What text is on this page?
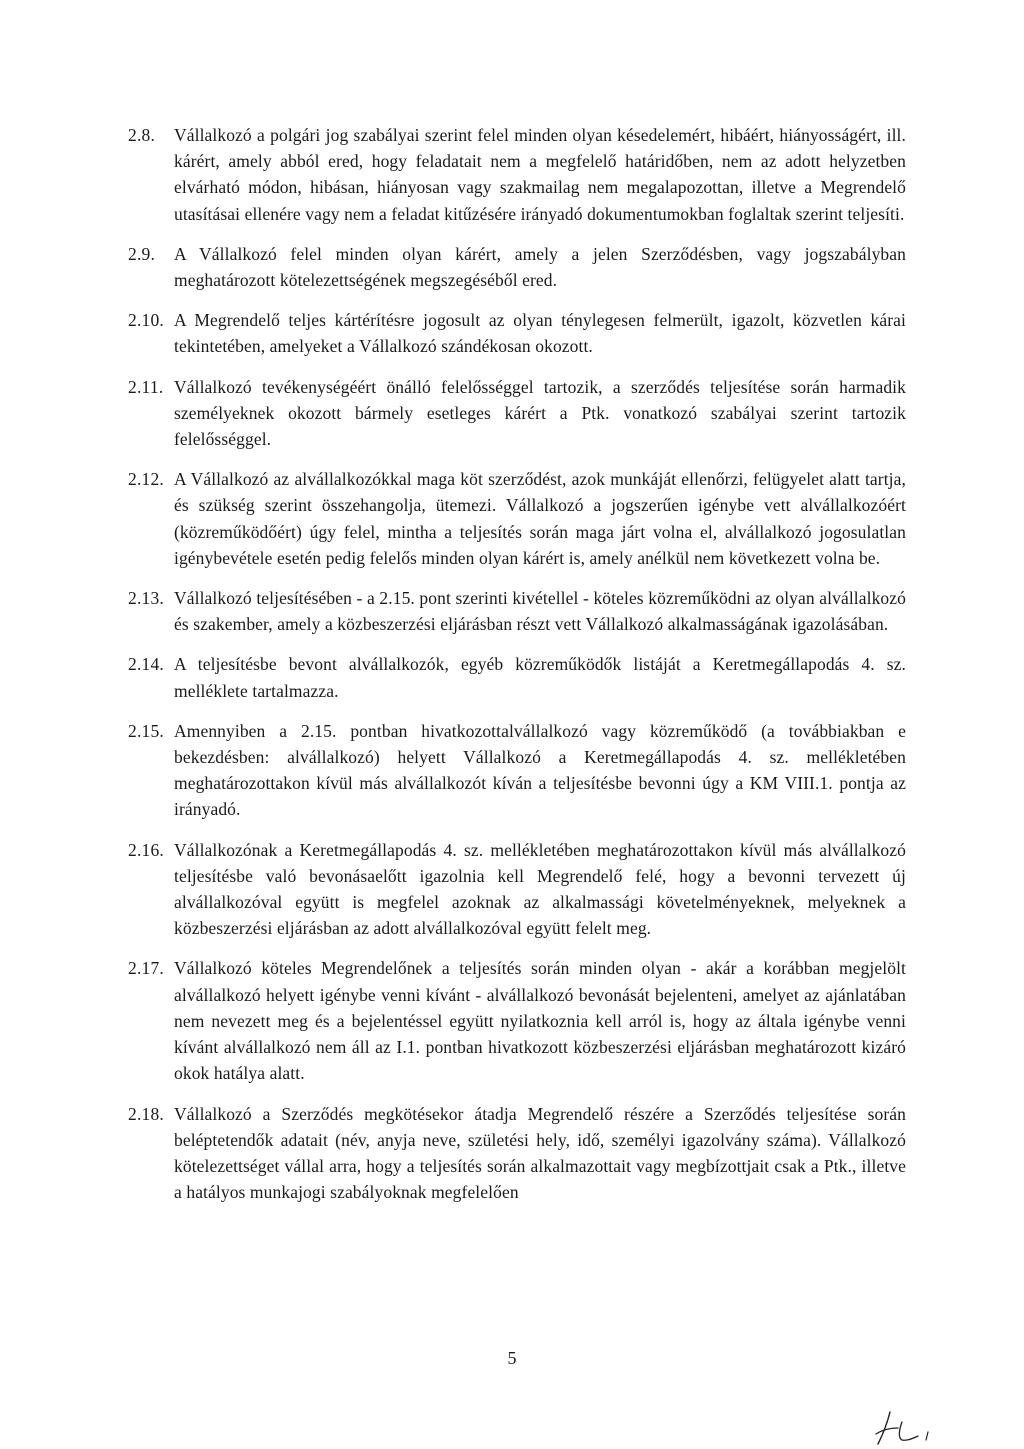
2.8.	Vállalkozó a polgári jog szabályai szerint felel minden olyan késedelemért, hibáért, hiányosságért, ill. kárért, amely abból ered, hogy feladatait nem a megfelelő határidőben, nem az adott helyzetben elvárható módon, hibásan, hiányosan vagy szakmailag nem megalapozottan, illetve a Megrendelő utasításai ellenére vagy nem a feladat kitűzésére irányadó dokumentumokban foglaltak szerint teljesíti.
2.9.	A Vállalkozó felel minden olyan kárért, amely a jelen Szerződésben, vagy jogszabályban meghatározott kötelezettségének megszegéséből ered.
2.10. A Megrendelő teljes kártérítésre jogosult az olyan ténylegesen felmerült, igazolt, közvetlen kárai tekintetében, amelyeket a Vállalkozó szándékosan okozott.
2.11. Vállalkozó tevékenységéért önálló felelősséggel tartozik, a szerződés teljesítése során harmadik személyeknek okozott bármely esetleges kárért a Ptk. vonatkozó szabályai szerint tartozik felelősséggel.
2.12. A Vállalkozó az alvállalkozókkal maga köt szerződést, azok munkáját ellenőrzi, felügyelet alatt tartja, és szükség szerint összehangolja, ütemezi. Vállalkozó a jogszerűen igénybe vett alvállalkozóért (közreműködőért) úgy felel, mintha a teljesítés során maga járt volna el, alvállalkozó jogosulatlan igénybevétele esetén pedig felelős minden olyan kárért is, amely anélkül nem következett volna be.
2.13. Vállalkozó teljesítésében - a 2.15. pont szerinti kivétellel - köteles közreműködni az olyan alvállalkozó és szakember, amely a közbeszerzési eljárásban részt vett Vállalkozó alkalmasságának igazolásában.
2.14. A teljesítésbe bevont alvállalkozók, egyéb közreműködők listáját a Keretmegállapodás 4. sz. melléklete tartalmazza.
2.15. Amennyiben a 2.15. pontban hivatkozottalvállalkozó vagy közreműködő (a továbbiakban e bekezdésben: alvállalkozó) helyett Vállalkozó a Keretmegállapodás 4. sz. mellékletében meghatározottakon kívül más alvállalkozót kíván a teljesítésbe bevonni úgy a KM VIII.1. pontja az irányadó.
2.16. Vállalkozónak a Keretmegállapodás 4. sz. mellékletében meghatározottakon kívül más alvállalkozó teljesítésbe való bevonásaelőtt igazolnia kell Megrendelő felé, hogy a bevonni tervezett új alvállalkozóval együtt is megfelel azoknak az alkalmassági követelményeknek, melyeknek a közbeszerzési eljárásban az adott alvállalkozóval együtt felelt meg.
2.17. Vállalkozó köteles Megrendelőnek a teljesítés során minden olyan - akár a korábban megjelölt alvállalkozó helyett igénybe venni kívánt - alvállalkozó bevonását bejelenteni, amelyet az ajánlatában nem nevezett meg és a bejelentéssel együtt nyilatkoznia kell arról is, hogy az általa igénybe venni kívánt alvállalkozó nem áll az I.1. pontban hivatkozott közbeszerzési eljárásban meghatározott kizáró okok hatálya alatt.
2.18. Vállalkozó a Szerződés megkötésekor átadja Megrendelő részére a Szerződés teljesítése során beléptetendők adatait (név, anyja neve, születési hely, idő, személyi igazolvány száma). Vállalkozó kötelezettséget vállal arra, hogy a teljesítés során alkalmazottait vagy megbízottjait csak a Ptk., illetve a hatályos munkajogi szabályoknak megfelelően
5
